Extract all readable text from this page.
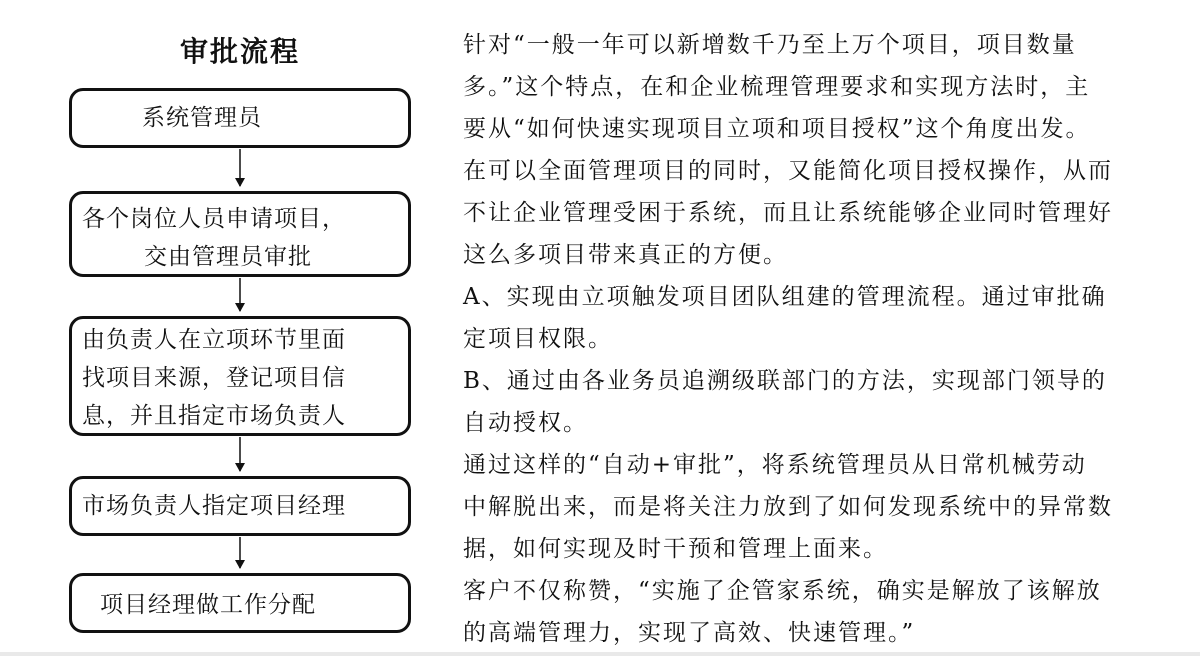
审批流程
系统管理员
各个岗位人员申请项目，
交由管理员审批
由负责人在立项环节里面
找项目来源，登记项目信
息，并且指定市场负责人
市场负责人指定项目经理
项目经理做工作分配
针对“一般一年可以新增数千乃至上万个项目，项目数量
多。”这个特点，在和企业梳理管理要求和实现方法时，主
要从“如何快速实现项目立项和项目授权”这个角度出发。
在可以全面管理项目的同时，又能简化项目授权操作，从而
不让企业管理受困于系统，而且让系统能够企业同时管理好
这么多项目带来真正的方便。
A、实现由立项触发项目团队组建的管理流程。通过审批确
定项目权限。
B、通过由各业务员追溯级联部门的方法，实现部门领导的
自动授权。
通过这样的“自动+审批”，将系统管理员从日常机械劳动
中解脱出来，而是将关注力放到了如何发现系统中的异常数
据，如何实现及时干预和管理上面来。
客户不仅称赞，“实施了企管家系统，确实是解放了该解放
的高端管理力，实现了高效、快速管理。”
